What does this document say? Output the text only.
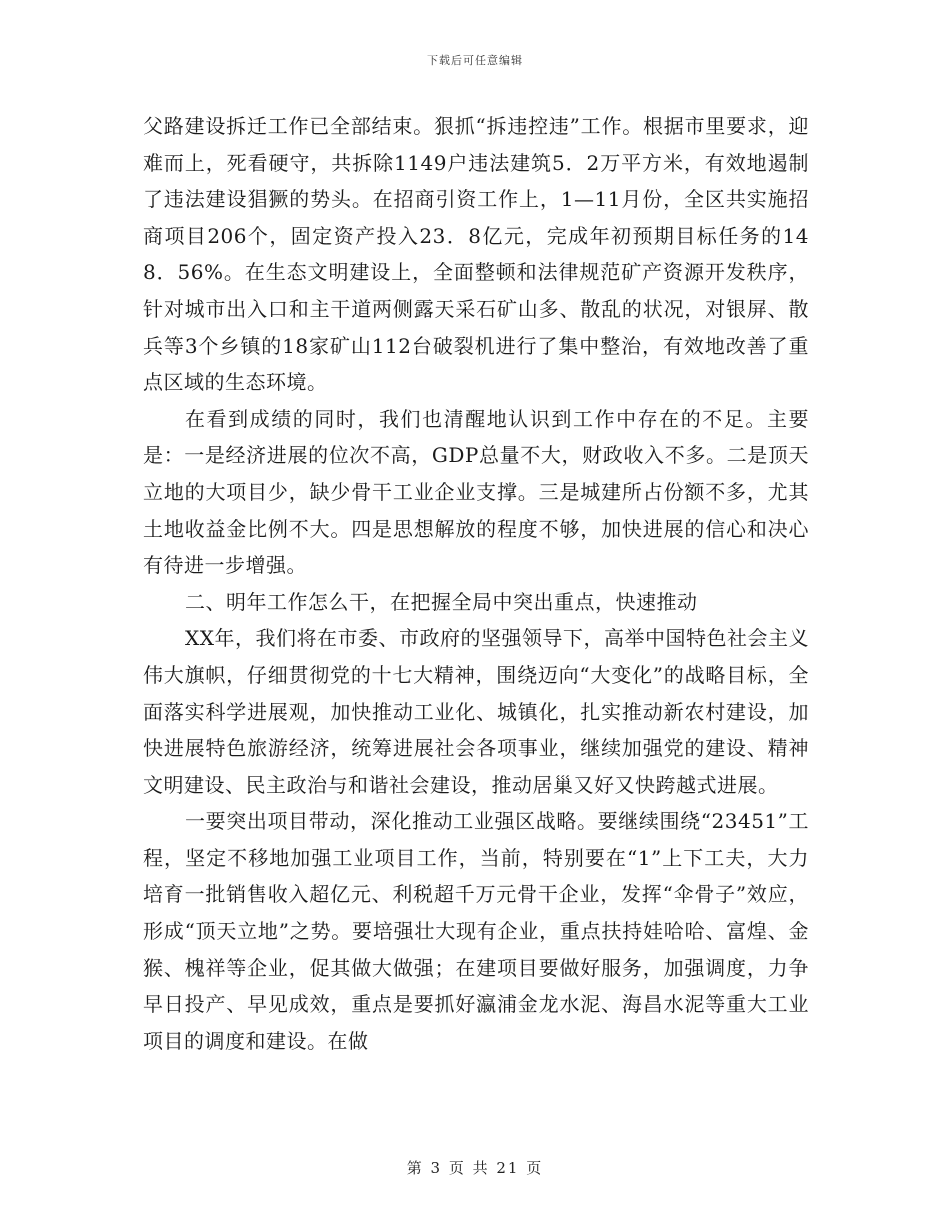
下载后可任意编辑

父路建设拆迁工作已全部结束。狠抓“拆违控违”工作。根据市里要求，迎难而上，死看硬守，共拆除1149户违法建筑5．2万平方米，有效地遏制了违法建设猖獗的势头。在招商引资工作上，1—11月份，全区共实施招商项目206个，固定资产投入23．8亿元，完成年初预期目标任务的148．56%。在生态文明建设上，全面整顿和法律规范矿产资源开发秩序，针对城市出入口和主干道两侧露天采石矿山多、散乱的状况，对银屏、散兵等3个乡镇的18家矿山112台破裂机进行了集中整治，有效地改善了重点区域的生态环境。

在看到成绩的同时，我们也清醒地认识到工作中存在的不足。主要是：一是经济进展的位次不高，GDP总量不大，财政收入不多。二是顶天立地的大项目少，缺少骨干工业企业支撑。三是城建所占份额不多，尤其土地收益金比例不大。四是思想解放的程度不够，加快进展的信心和决心有待进一步增强。

二、明年工作怎么干，在把握全局中突出重点，快速推动

XX年，我们将在市委、市政府的坚强领导下，高举中国特色社会主义伟大旗帜，仔细贯彻党的十七大精神，围绕迈向“大变化”的战略目标，全面落实科学进展观，加快推动工业化、城镇化，扎实推动新农村建设，加快进展特色旅游经济，统筹进展社会各项事业，继续加强党的建设、精神文明建设、民主政治与和谐社会建设，推动居巢又好又快跨越式进展。

一要突出项目带动，深化推动工业强区战略。要继续围绕“23451”工程，坚定不移地加强工业项目工作，当前，特别要在“1”上下工夫，大力培育一批销售收入超亿元、利税超千万元骨干企业，发挥“伞骨子”效应，形成“顶天立地”之势。要培强壮大现有企业，重点扶持娃哈哈、富煌、金猴、槐祥等企业，促其做大做强；在建项目要做好服务，加强调度，力争早日投产、早见成效，重点是要抓好瀛浦金龙水泥、海昌水泥等重大工业项目的调度和建设。在做

第 3 页 共 21 页
